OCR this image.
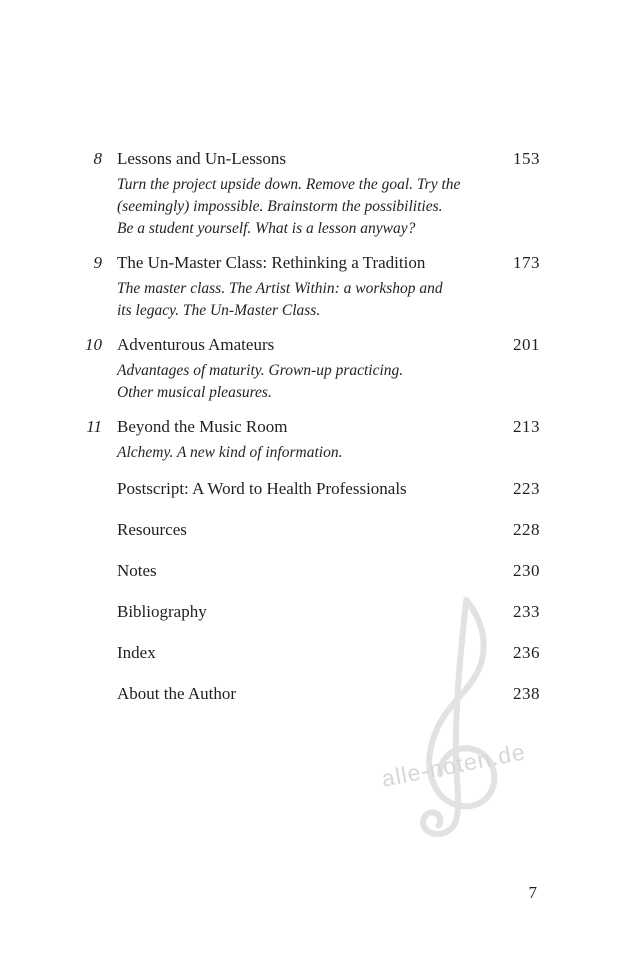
alle-noten.de
8 Lessons and Un-Lessons	153
Turn the project upside down. Remove the goal. Try the
(seemingly) impossible. Brainstorm the possibilities.
Be a student yourself. What is a lesson anyway?
9 The Un-Master Class: Rethinking a Tradition	173
The master class. The Artist Within: a workshop and
its legacy. The Un-Master Class.
10 Adventurous Amateurs	201
Advantages of maturity. Grown-up practicing.
Other musical pleasures.
11 Beyond the Music Room	213
Alchemy. A new kind of information.
Postscript: A Word to Health Professionals	223
Resources	228
Notes	230
Bibliography	233
Index	236
About the Author	238
7
